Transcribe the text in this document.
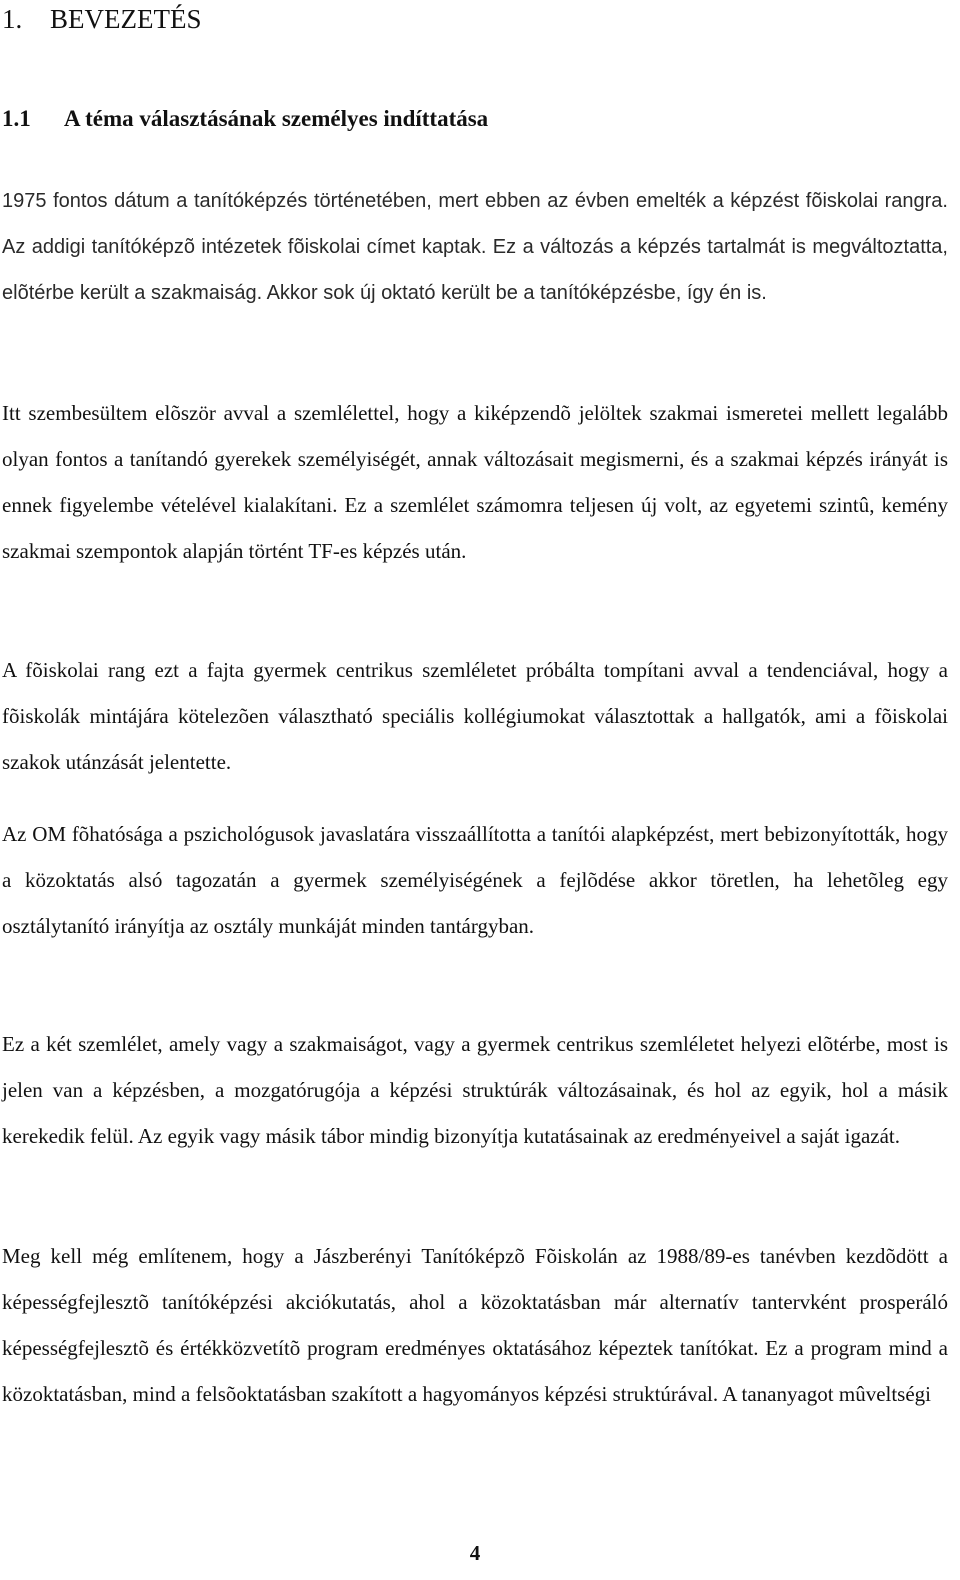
1. BEVEZETÉS
1.1 A téma választásának személyes indíttatása

1975 fontos dátum a tanítóképzés történetében, mert ebben az évben emelték a képzést fõiskolai rangra. Az addigi tanítóképzõ intézetek fõiskolai címet kaptak. Ez a változás a képzés tartalmát is megváltoztatta, elõtérbe került a szakmaiság. Akkor sok új oktató került be a tanítóképzésbe, így én is.

Itt szembesültem elõször avval a szemlélettel, hogy a kiképzendõ jelöltek szakmai ismeretei mellett legalább olyan fontos a tanítandó gyerekek személyiségét, annak változásait megismerni, és a szakmai képzés irányát is ennek figyelembe vételével kialakítani. Ez a szemlélet számomra teljesen új volt, az egyetemi szintû, kemény szakmai szempontok alapján történt TF-es képzés után.

A fõiskolai rang ezt a fajta gyermek centrikus szemléletet próbálta tompítani avval a tendenciával, hogy a fõiskolák mintájára kötelezõen választható speciális kollégiumokat választottak a hallgatók, ami a fõiskolai szakok utánzását jelentette.

Az OM fõhatósága a pszichológusok javaslatára visszaállította a tanítói alapképzést, mert bebizonyították, hogy a közoktatás alsó tagozatán a gyermek személyiségének a fejlõdése akkor töretlen, ha lehetõleg egy osztálytanító irányítja az osztály munkáját minden tantárgyban.

Ez a két szemlélet, amely vagy a szakmaiságot, vagy a gyermek centrikus szemléletet helyezi elõtérbe, most is jelen van a képzésben, a mozgatórugója a képzési struktúrák változásainak, és hol az egyik, hol a másik kerekedik felül. Az egyik vagy másik tábor mindig bizonyítja kutatásainak az eredményeivel a saját igazát.

Meg kell még említenem, hogy a Jászberényi Tanítóképzõ Fõiskolán az 1988/89-es tanévben kezdõdött a képességfejlesztõ tanítóképzési akciókutatás, ahol a közoktatásban már alternatív tantervként prosperáló képességfejlesztõ és értékközvetítõ program eredményes oktatásához képeztek tanítókat. Ez a program mind a közoktatásban, mind a felsõoktatásban szakított a hagyományos képzési struktúrával. A tananyagot mûveltségi

4
